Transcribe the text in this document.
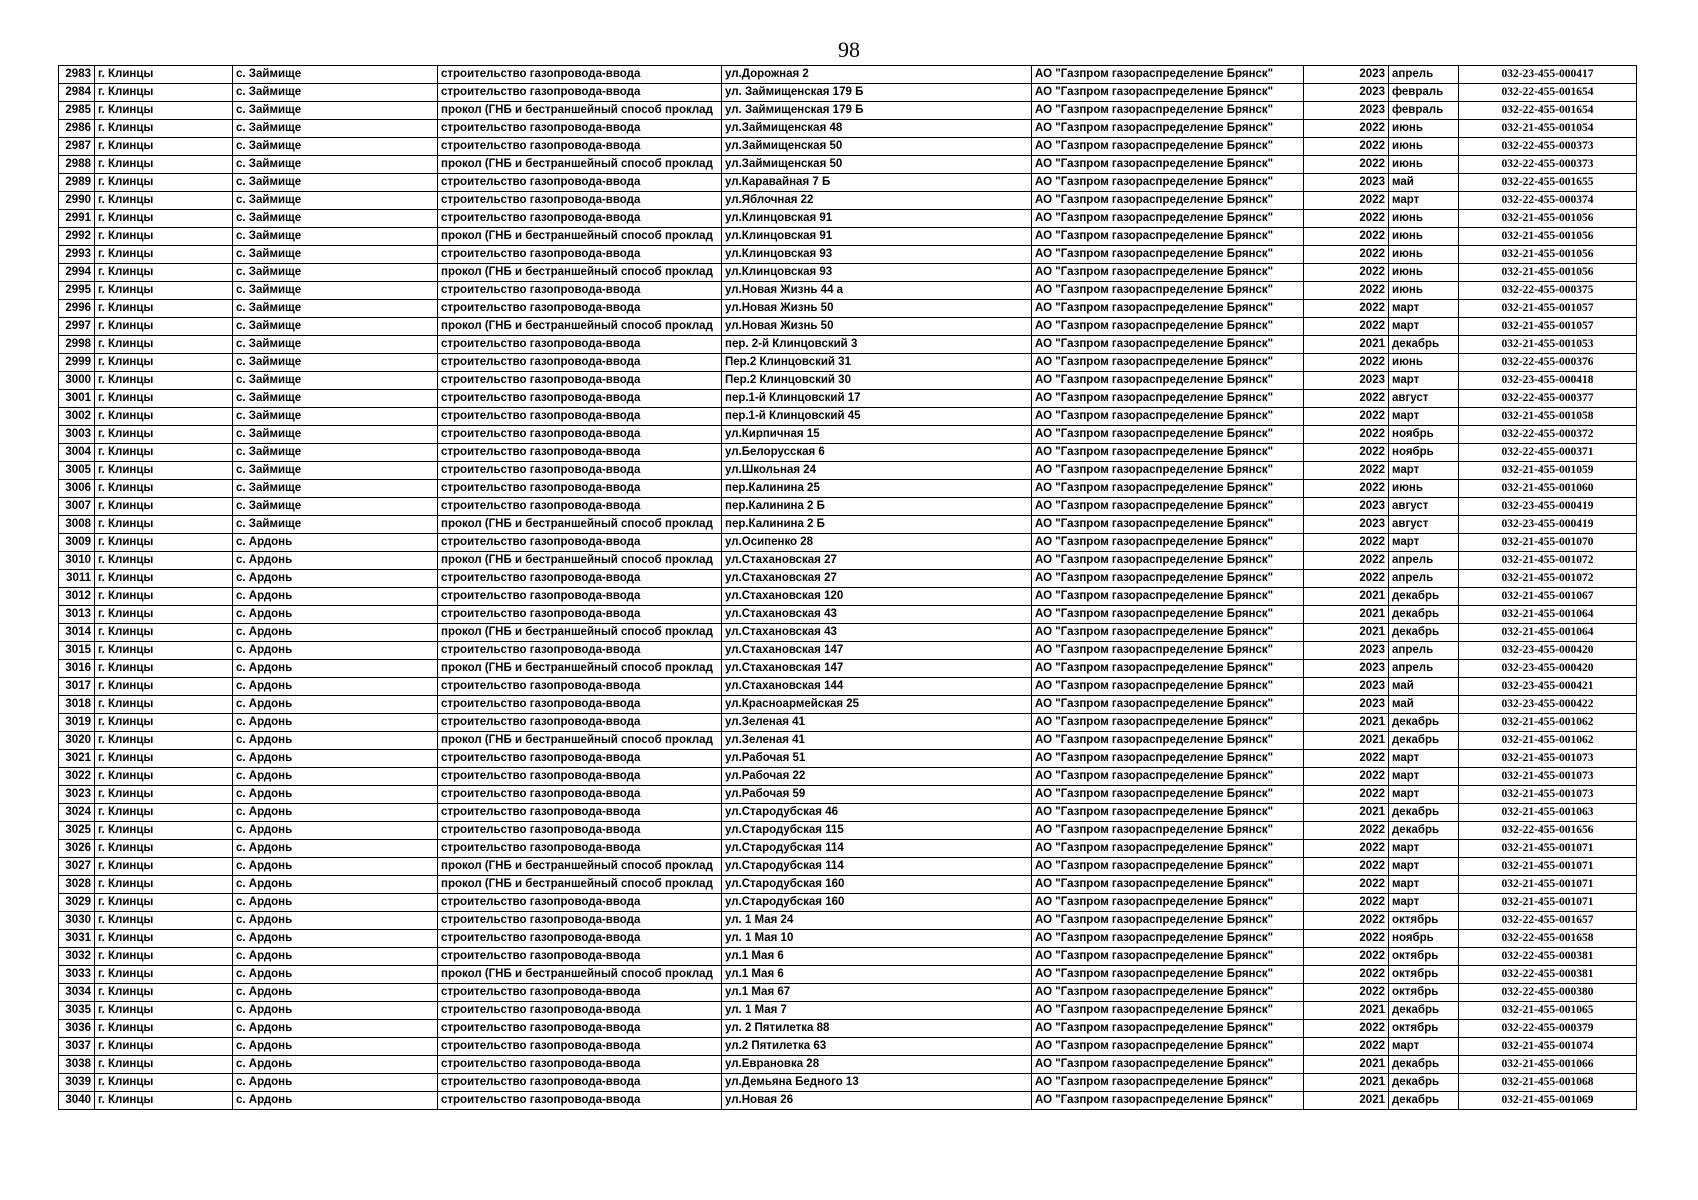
98
2983	г. Клинцы	с. Займище	строительство газопровода-ввода	ул.Дорожная 2	АО "Газпром газораспределение Брянск"	2023	апрель	032-23-455-000417
2984	г. Клинцы	с. Займище	строительство газопровода-ввода	ул. Займищенская 179 Б	АО "Газпром газораспределение Брянск"	2023	февраль	032-22-455-001654
2985	г. Клинцы	с. Займище	прокол (ГНБ и бестраншейный способ проклад	ул. Займищенская 179 Б	АО "Газпром газораспределение Брянск"	2023	февраль	032-22-455-001654
2986	г. Клинцы	с. Займище	строительство газопровода-ввода	ул.Займищенская 48	АО "Газпром газораспределение Брянск"	2022	июнь	032-21-455-001054
2987	г. Клинцы	с. Займище	строительство газопровода-ввода	ул.Займищенская 50	АО "Газпром газораспределение Брянск"	2022	июнь	032-22-455-000373
2988	г. Клинцы	с. Займище	прокол (ГНБ и бестраншейный способ проклад	ул.Займищенская 50	АО "Газпром газораспределение Брянск"	2022	июнь	032-22-455-000373
2989	г. Клинцы	с. Займище	строительство газопровода-ввода	ул.Каравайная 7 Б	АО "Газпром газораспределение Брянск"	2023	май	032-22-455-001655
2990	г. Клинцы	с. Займище	строительство газопровода-ввода	ул.Яблочная 22	АО "Газпром газораспределение Брянск"	2022	март	032-22-455-000374
2991	г. Клинцы	с. Займище	строительство газопровода-ввода	ул.Клинцовская 91	АО "Газпром газораспределение Брянск"	2022	июнь	032-21-455-001056
2992	г. Клинцы	с. Займище	прокол (ГНБ и бестраншейный способ проклад	ул.Клинцовская 91	АО "Газпром газораспределение Брянск"	2022	июнь	032-21-455-001056
2993	г. Клинцы	с. Займище	строительство газопровода-ввода	ул.Клинцовская 93	АО "Газпром газораспределение Брянск"	2022	июнь	032-21-455-001056
2994	г. Клинцы	с. Займище	прокол (ГНБ и бестраншейный способ проклад	ул.Клинцовская 93	АО "Газпром газораспределение Брянск"	2022	июнь	032-21-455-001056
2995	г. Клинцы	с. Займище	строительство газопровода-ввода	ул.Новая Жизнь 44 а	АО "Газпром газораспределение Брянск"	2022	июнь	032-22-455-000375
2996	г. Клинцы	с. Займище	строительство газопровода-ввода	ул.Новая Жизнь 50	АО "Газпром газораспределение Брянск"	2022	март	032-21-455-001057
2997	г. Клинцы	с. Займище	прокол (ГНБ и бестраншейный способ проклад	ул.Новая Жизнь 50	АО "Газпром газораспределение Брянск"	2022	март	032-21-455-001057
2998	г. Клинцы	с. Займище	строительство газопровода-ввода	пер. 2-й Клинцовский 3	АО "Газпром газораспределение Брянск"	2021	декабрь	032-21-455-001053
2999	г. Клинцы	с. Займище	строительство газопровода-ввода	Пер.2 Клинцовский 31	АО "Газпром газораспределение Брянск"	2022	июнь	032-22-455-000376
3000	г. Клинцы	с. Займище	строительство газопровода-ввода	Пер.2 Клинцовский 30	АО "Газпром газораспределение Брянск"	2023	март	032-23-455-000418
3001	г. Клинцы	с. Займище	строительство газопровода-ввода	пер.1-й Клинцовский 17	АО "Газпром газораспределение Брянск"	2022	август	032-22-455-000377
3002	г. Клинцы	с. Займище	строительство газопровода-ввода	пер.1-й Клинцовский 45	АО "Газпром газораспределение Брянск"	2022	март	032-21-455-001058
3003	г. Клинцы	с. Займище	строительство газопровода-ввода	ул.Кирпичная 15	АО "Газпром газораспределение Брянск"	2022	ноябрь	032-22-455-000372
3004	г. Клинцы	с. Займище	строительство газопровода-ввода	ул.Белорусская 6	АО "Газпром газораспределение Брянск"	2022	ноябрь	032-22-455-000371
3005	г. Клинцы	с. Займище	строительство газопровода-ввода	ул.Школьная 24	АО "Газпром газораспределение Брянск"	2022	март	032-21-455-001059
3006	г. Клинцы	с. Займище	строительство газопровода-ввода	пер.Калинина 25	АО "Газпром газораспределение Брянск"	2022	июнь	032-21-455-001060
3007	г. Клинцы	с. Займище	строительство газопровода-ввода	пер.Калинина 2 Б	АО "Газпром газораспределение Брянск"	2023	август	032-23-455-000419
3008	г. Клинцы	с. Займище	прокол (ГНБ и бестраншейный способ проклад	пер.Калинина 2 Б	АО "Газпром газораспределение Брянск"	2023	август	032-23-455-000419
3009	г. Клинцы	с. Ардонь	строительство газопровода-ввода	ул.Осипенко 28	АО "Газпром газораспределение Брянск"	2022	март	032-21-455-001070
3010	г. Клинцы	с. Ардонь	прокол (ГНБ и бестраншейный способ проклад	ул.Стахановская 27	АО "Газпром газораспределение Брянск"	2022	апрель	032-21-455-001072
3011	г. Клинцы	с. Ардонь	строительство газопровода-ввода	ул.Стахановская 27	АО "Газпром газораспределение Брянск"	2022	апрель	032-21-455-001072
3012	г. Клинцы	с. Ардонь	строительство газопровода-ввода	ул.Стахановская 120	АО "Газпром газораспределение Брянск"	2021	декабрь	032-21-455-001067
3013	г. Клинцы	с. Ардонь	строительство газопровода-ввода	ул.Стахановская 43	АО "Газпром газораспределение Брянск"	2021	декабрь	032-21-455-001064
3014	г. Клинцы	с. Ардонь	прокол (ГНБ и бестраншейный способ проклад	ул.Стахановская 43	АО "Газпром газораспределение Брянск"	2021	декабрь	032-21-455-001064
3015	г. Клинцы	с. Ардонь	строительство газопровода-ввода	ул.Стахановская 147	АО "Газпром газораспределение Брянск"	2023	апрель	032-23-455-000420
3016	г. Клинцы	с. Ардонь	прокол (ГНБ и бестраншейный способ проклад	ул.Стахановская 147	АО "Газпром газораспределение Брянск"	2023	апрель	032-23-455-000420
3017	г. Клинцы	с. Ардонь	строительство газопровода-ввода	ул.Стахановская 144	АО "Газпром газораспределение Брянск"	2023	май	032-23-455-000421
3018	г. Клинцы	с. Ардонь	строительство газопровода-ввода	ул.Красноармейская 25	АО "Газпром газораспределение Брянск"	2023	май	032-23-455-000422
3019	г. Клинцы	с. Ардонь	строительство газопровода-ввода	ул.Зеленая 41	АО "Газпром газораспределение Брянск"	2021	декабрь	032-21-455-001062
3020	г. Клинцы	с. Ардонь	прокол (ГНБ и бестраншейный способ проклад	ул.Зеленая 41	АО "Газпром газораспределение Брянск"	2021	декабрь	032-21-455-001062
3021	г. Клинцы	с. Ардонь	строительство газопровода-ввода	ул.Рабочая 51	АО "Газпром газораспределение Брянск"	2022	март	032-21-455-001073
3022	г. Клинцы	с. Ардонь	строительство газопровода-ввода	ул.Рабочая 22	АО "Газпром газораспределение Брянск"	2022	март	032-21-455-001073
3023	г. Клинцы	с. Ардонь	строительство газопровода-ввода	ул.Рабочая 59	АО "Газпром газораспределение Брянск"	2022	март	032-21-455-001073
3024	г. Клинцы	с. Ардонь	строительство газопровода-ввода	ул.Стародубская 46	АО "Газпром газораспределение Брянск"	2021	декабрь	032-21-455-001063
3025	г. Клинцы	с. Ардонь	строительство газопровода-ввода	ул.Стародубская 115	АО "Газпром газораспределение Брянск"	2022	декабрь	032-22-455-001656
3026	г. Клинцы	с. Ардонь	строительство газопровода-ввода	ул.Стародубская 114	АО "Газпром газораспределение Брянск"	2022	март	032-21-455-001071
3027	г. Клинцы	с. Ардонь	прокол (ГНБ и бестраншейный способ проклад	ул.Стародубская 114	АО "Газпром газораспределение Брянск"	2022	март	032-21-455-001071
3028	г. Клинцы	с. Ардонь	прокол (ГНБ и бестраншейный способ проклад	ул.Стародубская 160	АО "Газпром газораспределение Брянск"	2022	март	032-21-455-001071
3029	г. Клинцы	с. Ардонь	строительство газопровода-ввода	ул.Стародубская 160	АО "Газпром газораспределение Брянск"	2022	март	032-21-455-001071
3030	г. Клинцы	с. Ардонь	строительство газопровода-ввода	ул. 1 Мая 24	АО "Газпром газораспределение Брянск"	2022	октябрь	032-22-455-001657
3031	г. Клинцы	с. Ардонь	строительство газопровода-ввода	ул. 1 Мая 10	АО "Газпром газораспределение Брянск"	2022	ноябрь	032-22-455-001658
3032	г. Клинцы	с. Ардонь	строительство газопровода-ввода	ул.1 Мая 6	АО "Газпром газораспределение Брянск"	2022	октябрь	032-22-455-000381
3033	г. Клинцы	с. Ардонь	прокол (ГНБ и бестраншейный способ проклад	ул.1 Мая 6	АО "Газпром газораспределение Брянск"	2022	октябрь	032-22-455-000381
3034	г. Клинцы	с. Ардонь	строительство газопровода-ввода	ул.1 Мая 67	АО "Газпром газораспределение Брянск"	2022	октябрь	032-22-455-000380
3035	г. Клинцы	с. Ардонь	строительство газопровода-ввода	ул. 1 Мая 7	АО "Газпром газораспределение Брянск"	2021	декабрь	032-21-455-001065
3036	г. Клинцы	с. Ардонь	строительство газопровода-ввода	ул. 2 Пятилетка 88	АО "Газпром газораспределение Брянск"	2022	октябрь	032-22-455-000379
3037	г. Клинцы	с. Ардонь	строительство газопровода-ввода	ул.2 Пятилетка 63	АО "Газпром газораспределение Брянск"	2022	март	032-21-455-001074
3038	г. Клинцы	с. Ардонь	строительство газопровода-ввода	ул.Еврановка 28	АО "Газпром газораспределение Брянск"	2021	декабрь	032-21-455-001066
3039	г. Клинцы	с. Ардонь	строительство газопровода-ввода	ул.Демьяна Бедного 13	АО "Газпром газораспределение Брянск"	2021	декабрь	032-21-455-001068
3040	г. Клинцы	с. Ардонь	строительство газопровода-ввода	ул.Новая 26	АО "Газпром газораспределение Брянск"	2021	декабрь	032-21-455-001069
